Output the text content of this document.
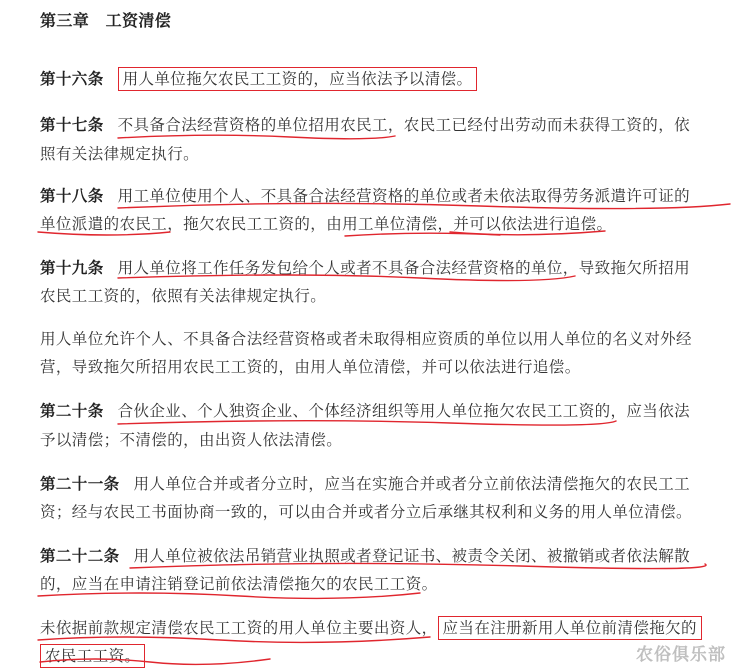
第三章　工资清偿
第十六条 用人单位拖欠农民工工资的，应当依法予以清偿。
第十七条 不具备合法经营资格的单位招用农民工，农民工已经付出劳动而未获得工资的，依
照有关法律规定执行。
第十八条 用工单位使用个人、不具备合法经营资格的单位或者未依法取得劳务派遣许可证的
单位派遣的农民工，拖欠农民工工资的，由用工单位清偿，并可以依法进行追偿。
第十九条 用人单位将工作任务发包给个人或者不具备合法经营资格的单位，导致拖欠所招用
农民工工资的，依照有关法律规定执行。
用人单位允许个人、不具备合法经营资格或者未取得相应资质的单位以用人单位的名义对外经
营，导致拖欠所招用农民工工资的，由用人单位清偿，并可以依法进行追偿。
第二十条 合伙企业、个人独资企业、个体经济组织等用人单位拖欠农民工工资的，应当依法
予以清偿；不清偿的，由出资人依法清偿。
第二十一条 用人单位合并或者分立时，应当在实施合并或者分立前依法清偿拖欠的农民工工
资；经与农民工书面协商一致的，可以由合并或者分立后承继其权利和义务的用人单位清偿。
第二十二条 用人单位被依法吊销营业执照或者登记证书、被责令关闭、被撤销或者依法解散
的，应当在申请注销登记前依法清偿拖欠的农民工工资。
未依据前款规定清偿农民工工资的用人单位主要出资人， 应当在注册新用人单位前清偿拖欠的
农民工工资。	农俗俱乐部
